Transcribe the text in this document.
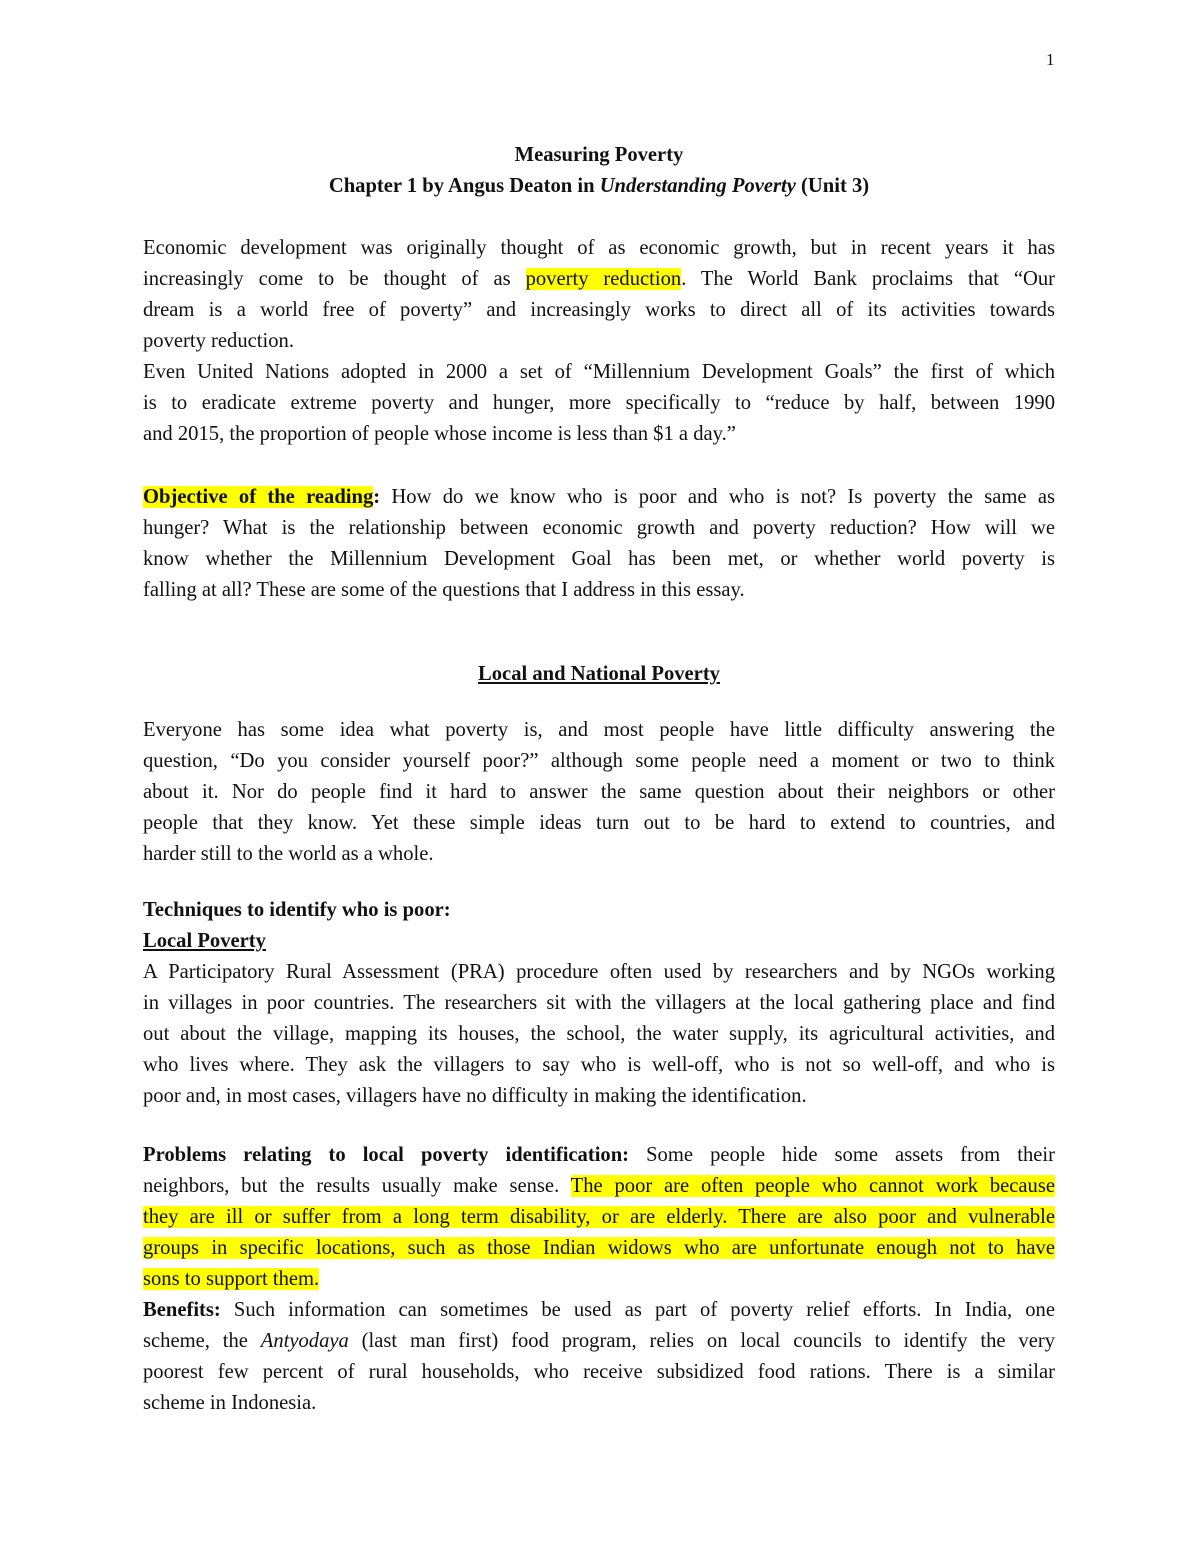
1
Measuring Poverty
Chapter 1 by Angus Deaton in Understanding Poverty (Unit 3)
Economic development was originally thought of as economic growth, but in recent years it has
increasingly come to be thought of as poverty reduction. The World Bank proclaims that “Our
dream is a world free of poverty” and increasingly works to direct all of its activities towards
poverty reduction.
Even United Nations adopted in 2000 a set of “Millennium Development Goals” the first of which
is to eradicate extreme poverty and hunger, more specifically to “reduce by half, between 1990
and 2015, the proportion of people whose income is less than $1 a day.”
Objective of the reading: How do we know who is poor and who is not? Is poverty the same as
hunger? What is the relationship between economic growth and poverty reduction? How will we
know whether the Millennium Development Goal has been met, or whether world poverty is
falling at all? These are some of the questions that I address in this essay.
Local and National Poverty
Everyone has some idea what poverty is, and most people have little difficulty answering the
question, “Do you consider yourself poor?” although some people need a moment or two to think
about it. Nor do people find it hard to answer the same question about their neighbors or other
people that they know. Yet these simple ideas turn out to be hard to extend to countries, and
harder still to the world as a whole.
Techniques to identify who is poor:
Local Poverty
A Participatory Rural Assessment (PRA) procedure often used by researchers and by NGOs working
in villages in poor countries. The researchers sit with the villagers at the local gathering place and find
out about the village, mapping its houses, the school, the water supply, its agricultural activities, and
who lives where. They ask the villagers to say who is well-off, who is not so well-off, and who is
poor and, in most cases, villagers have no difficulty in making the identification.
Problems relating to local poverty identification: Some people hide some assets from their
neighbors, but the results usually make sense. The poor are often people who cannot work because
they are ill or suffer from a long term disability, or are elderly. There are also poor and vulnerable
groups in specific locations, such as those Indian widows who are unfortunate enough not to have
sons to support them.
Benefits: Such information can sometimes be used as part of poverty relief efforts. In India, one
scheme, the Antyodaya (last man first) food program, relies on local councils to identify the very
poorest few percent of rural households, who receive subsidized food rations. There is a similar
scheme in Indonesia.
